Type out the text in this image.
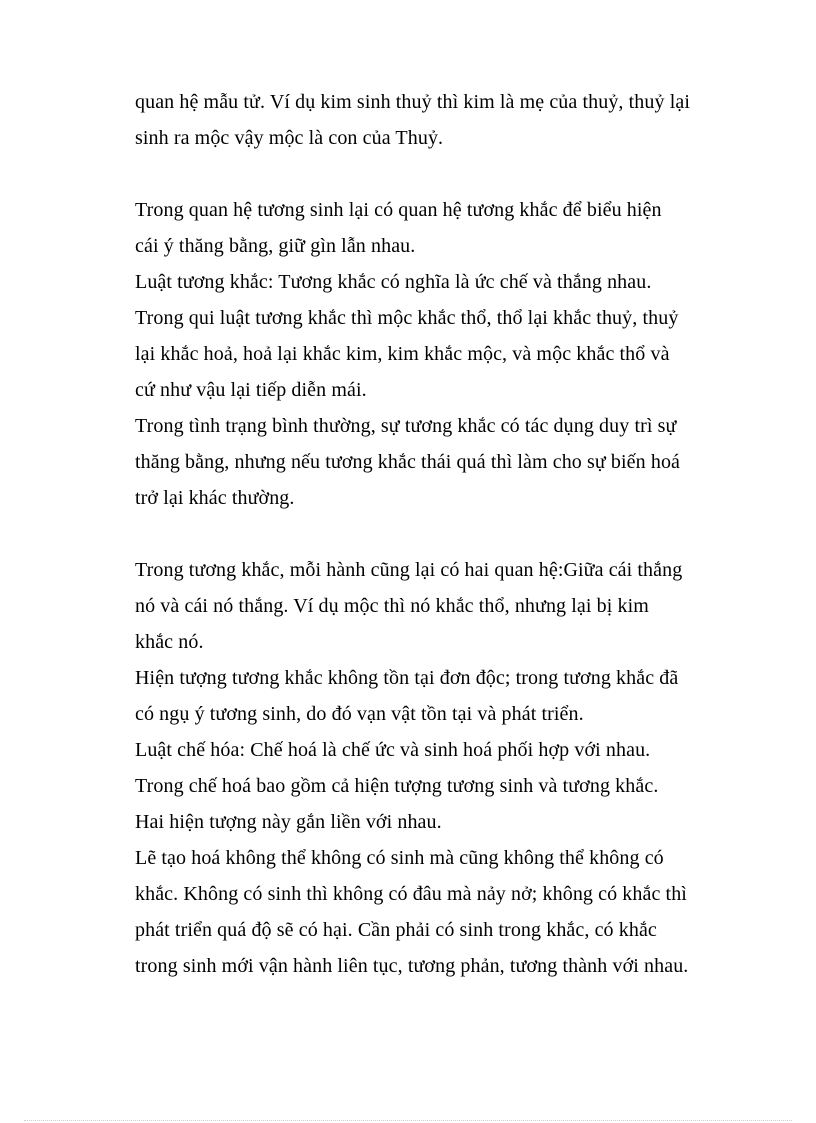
quan hệ mẫu tử. Ví dụ kim sinh thuỷ thì kim là mẹ của thuỷ, thuỷ lại
sinh ra mộc vậy mộc là con của Thuỷ.
Trong quan hệ tương sinh lại có quan hệ tương khắc để biểu hiện
cái ý thăng bằng, giữ gìn lẫn nhau.
Luật tương khắc: Tương khắc có nghĩa là ức chế và thắng nhau.
Trong qui luật tương khắc thì mộc khắc thổ, thổ lại khắc thuỷ, thuỷ
lại khắc hoả, hoả lại khắc kim, kim khắc mộc, và mộc khắc thổ và
cứ như vậu lại tiếp diễn mái.
Trong tình trạng bình thường, sự tương khắc có tác dụng duy trì sự
thăng bằng, nhưng nếu tương khắc thái quá thì làm cho sự biến hoá
trở lại khác thường.
Trong tương khắc, mỗi hành cũng lại có hai quan hệ:Giữa cái thắng
nó và cái nó thắng. Ví dụ mộc thì nó khắc thổ, nhưng lại bị kim
khắc nó.
Hiện tượng tương khắc không tồn tại đơn độc; trong tương khắc đã
có ngụ ý tương sinh, do đó vạn vật tồn tại và phát triển.
Luật chế hóa: Chế hoá là chế ức và sinh hoá phối hợp với nhau.
Trong chế hoá bao gồm cả hiện tượng tương sinh và tương khắc.
Hai hiện tượng này gắn liền với nhau.
Lẽ tạo hoá không thể không có sinh mà cũng không thể không có
khắc. Không có sinh thì không có đâu mà nảy nở; không có khắc thì
phát triển quá độ sẽ có hại. Cần phải có sinh trong khắc, có khắc
trong sinh mới vận hành liên tục, tương phản, tương thành với nhau.
